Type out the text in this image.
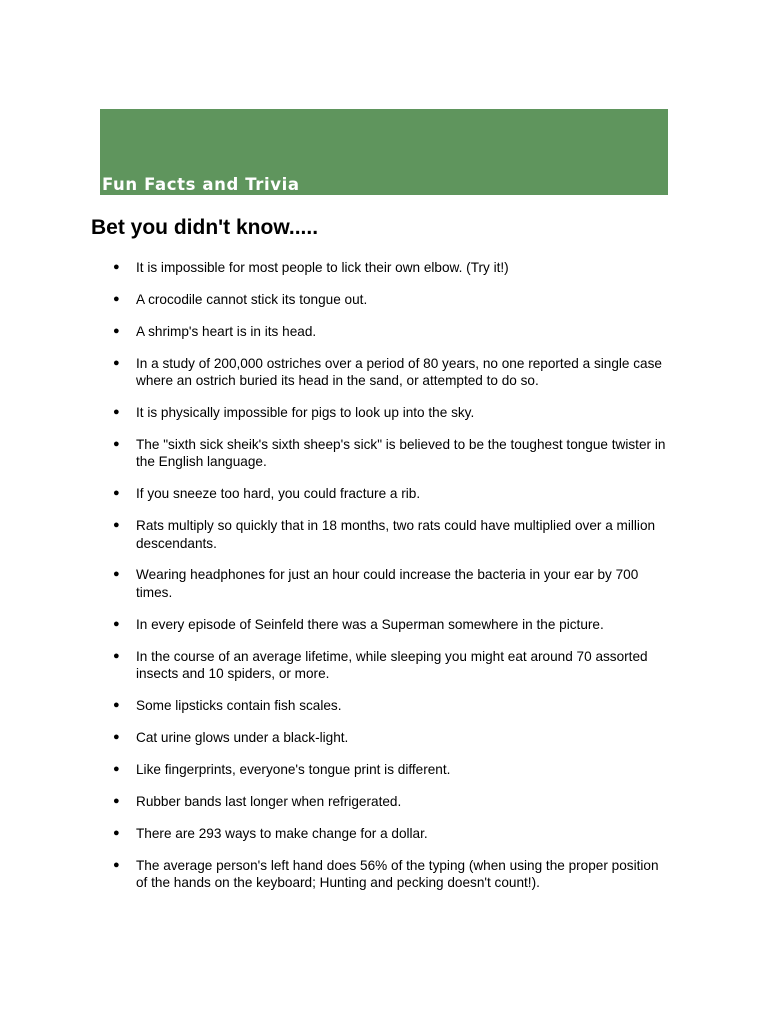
Fun Facts and Trivia
Bet you didn't know.....
● It is impossible for most people to lick their own elbow. (Try it!)
● A crocodile cannot stick its tongue out.
● A shrimp's heart is in its head.
● In a study of 200,000 ostriches over a period of 80 years, no one reported a single case where an ostrich buried its head in the sand, or attempted to do so.
● It is physically impossible for pigs to look up into the sky.
● The "sixth sick sheik's sixth sheep's sick" is believed to be the toughest tongue twister in the English language.
● If you sneeze too hard, you could fracture a rib.
● Rats multiply so quickly that in 18 months, two rats could have multiplied over a million descendants.
● Wearing headphones for just an hour could increase the bacteria in your ear by 700 times.
● In every episode of Seinfeld there was a Superman somewhere in the picture.
● In the course of an average lifetime, while sleeping you might eat around 70 assorted insects and 10 spiders, or more.
● Some lipsticks contain fish scales.
● Cat urine glows under a black-light.
● Like fingerprints, everyone's tongue print is different.
● Rubber bands last longer when refrigerated.
● There are 293 ways to make change for a dollar.
● The average person's left hand does 56% of the typing (when using the proper position of the hands on the keyboard; Hunting and pecking doesn't count!).
